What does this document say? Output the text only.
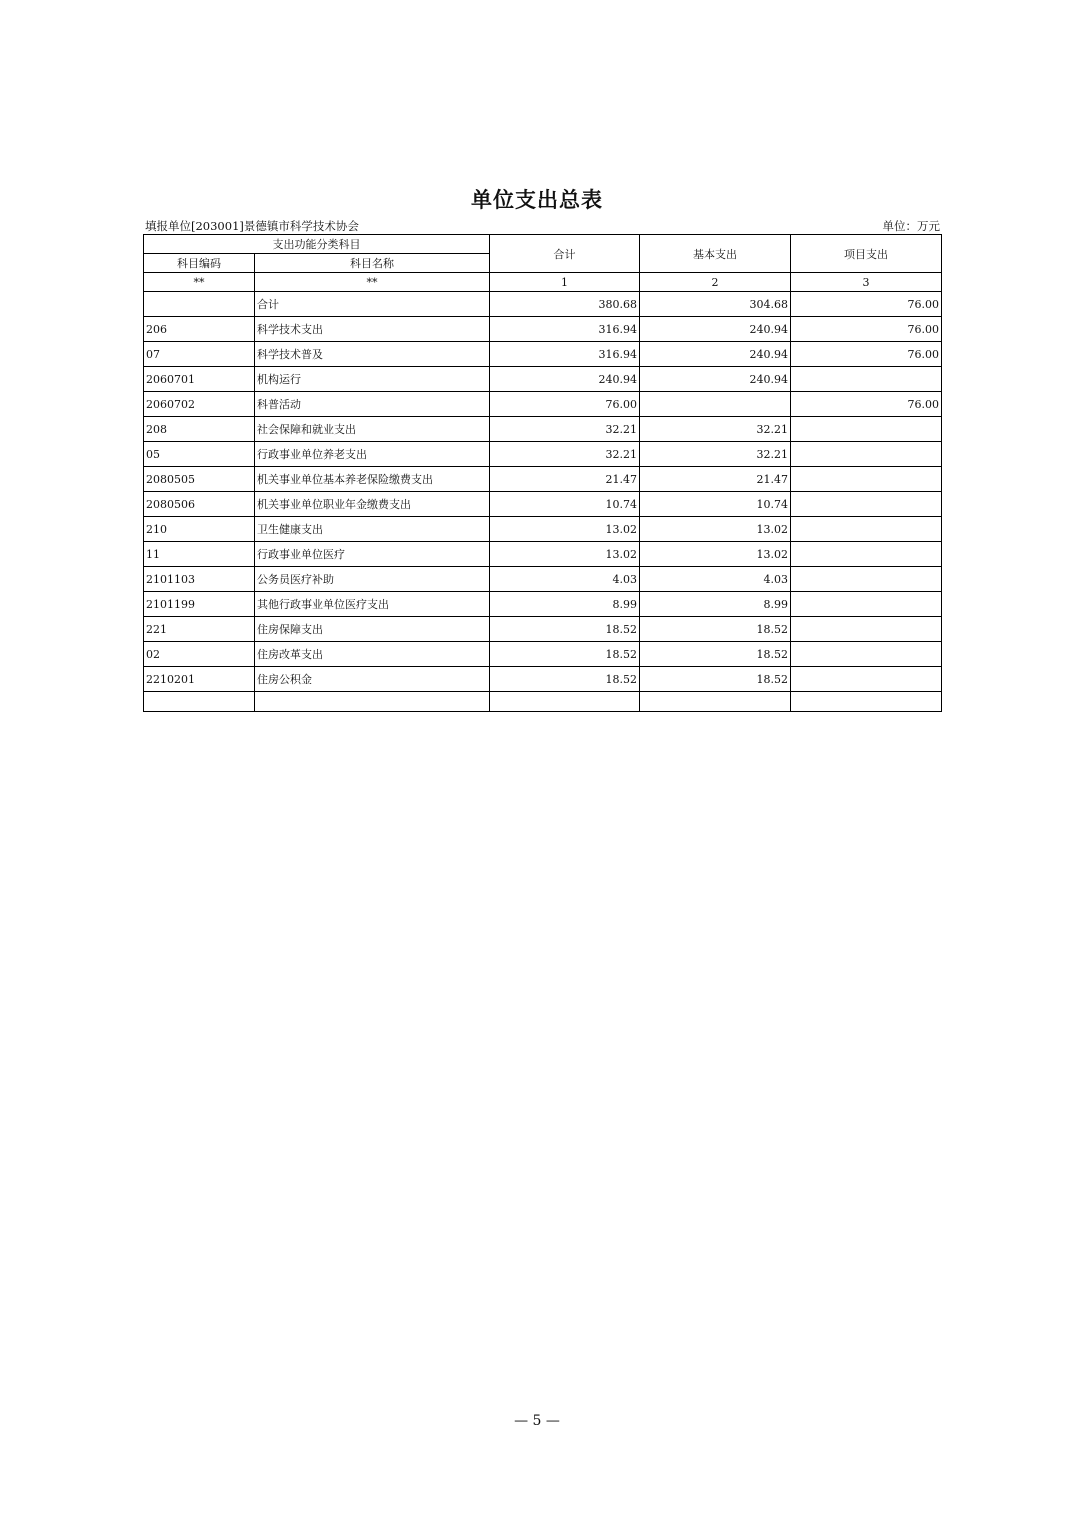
单位支出总表
填报单位[203001]景德镇市科学技术协会	单位：万元
支出功能分类科目		合计	基本支出	项目支出
科目编码	科目名称			
**	**	1	2	3
	合计	380.68	304.68	76.00
206	科学技术支出	316.94	240.94	76.00
07	科学技术普及	316.94	240.94	76.00
2060701	机构运行	240.94	240.94	
2060702	科普活动	76.00		76.00
208	社会保障和就业支出	32.21	32.21	
05	行政事业单位养老支出	32.21	32.21	
2080505	机关事业单位基本养老保险缴费支出	21.47	21.47	
2080506	机关事业单位职业年金缴费支出	10.74	10.74	
210	卫生健康支出	13.02	13.02	
11	行政事业单位医疗	13.02	13.02	
2101103	公务员医疗补助	4.03	4.03	
2101199	其他行政事业单位医疗支出	8.99	8.99	
221	住房保障支出	18.52	18.52	
02	住房改革支出	18.52	18.52	
2210201	住房公积金	18.52	18.52	

— 5 —
